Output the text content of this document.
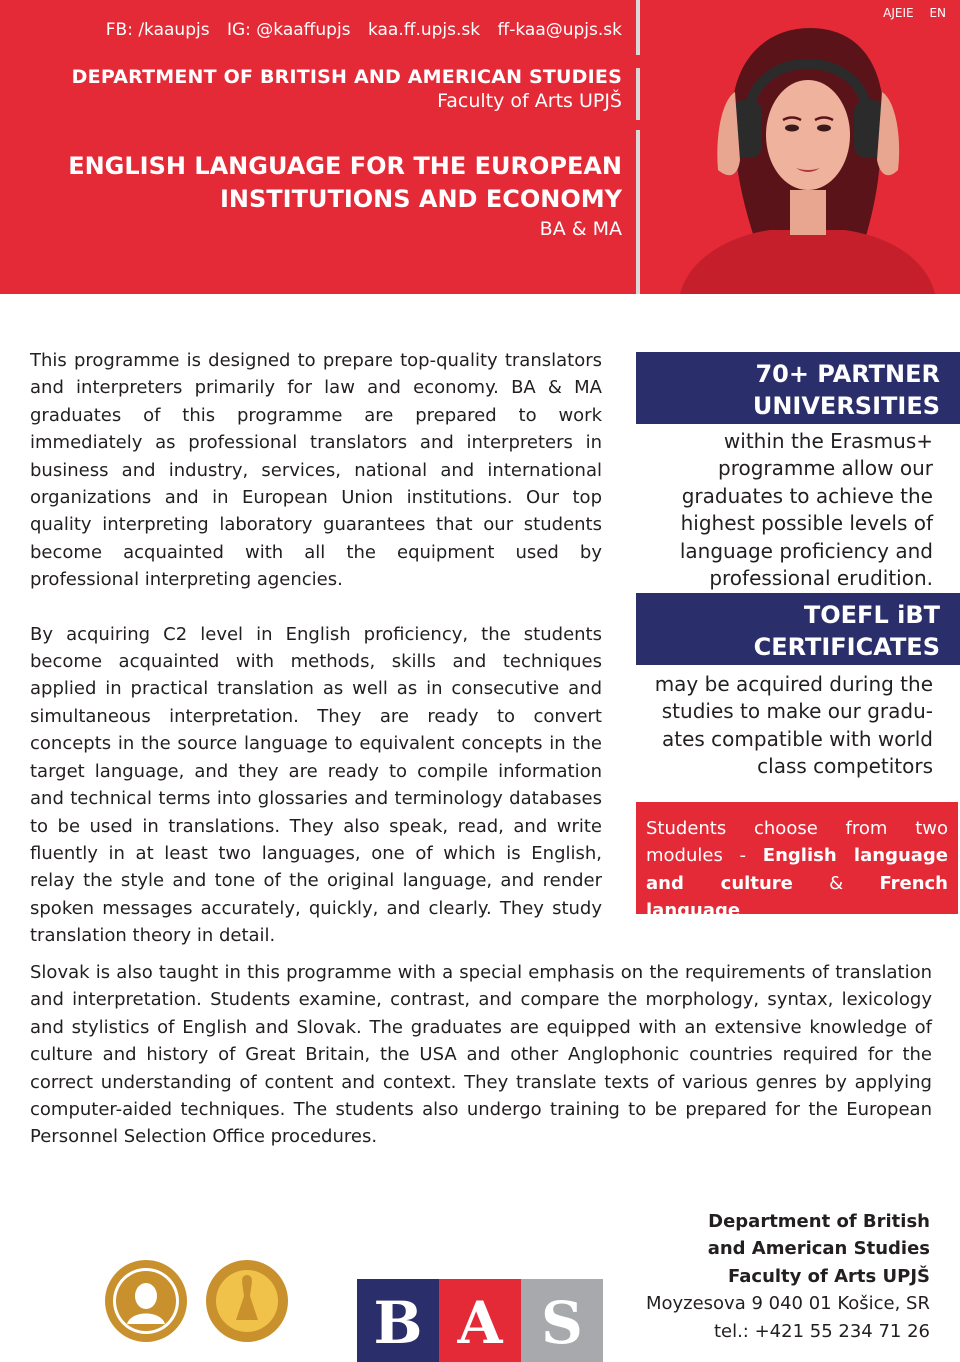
FB: /kaaupjs IG: @kaaffupjs kaa.ff.upjs.sk ff-kaa@upjs.sk
DEPARTMENT OF BRITISH AND AMERICAN STUDIES
Faculty of Arts UPJŠ
ENGLISH LANGUAGE FOR THE EUROPEAN
INSTITUTIONS AND ECONOMY
BA & MA
AJEIE EN

This programme is designed to prepare top-quality translators and interpreters primarily for law and economy. BA & MA graduates of this programme are prepared to work immediately as professional translators and interpreters in business and industry, services, national and international organizations and in European Union institutions. Our top quality interpreting laboratory guarantees that our students become acquainted with all the equipment used by professional interpreting agencies.

By acquiring C2 level in English proficiency, the students become acquainted with methods, skills and techniques applied in practical translation as well as in consecutive and simultaneous interpretation. They are ready to convert concepts in the source language to equivalent concepts in the target language, and they are ready to compile information and technical terms into glossaries and terminology databases to be used in translations. They also speak, read, and write fluently in at least two languages, one of which is English, relay the style and tone of the original language, and render spoken messages accurately, quickly, and clearly. They study translation theory in detail.

70+ PARTNER
UNIVERSITIES
within the Erasmus+ programme allow our graduates to achieve the highest possible levels of language proficiency and professional erudition.
TOEFL iBT
CERTIFICATES
may be acquired during the studies to make our graduates compatible with world class competitors
Students choose from two modules - English language and culture & French language
Slovak is also taught in this programme with a special emphasis on the requirements of translation and interpretation. Students examine, contrast, and compare the morphology, syntax, lexicology and stylistics of English and Slovak. The graduates are equipped with an extensive knowledge of culture and history of Great Britain, the USA and other Anglophonic countries required for the correct understanding of content and context. They translate texts of various genres by applying computer-aided techniques. The students also undergo training to be prepared for the European Personnel Selection Office procedures.
B A S
Department of British
and American Studies
Faculty of Arts UPJŠ
Moyzesova 9 040 01 Košice, SR
tel.: +421 55 234 71 26
